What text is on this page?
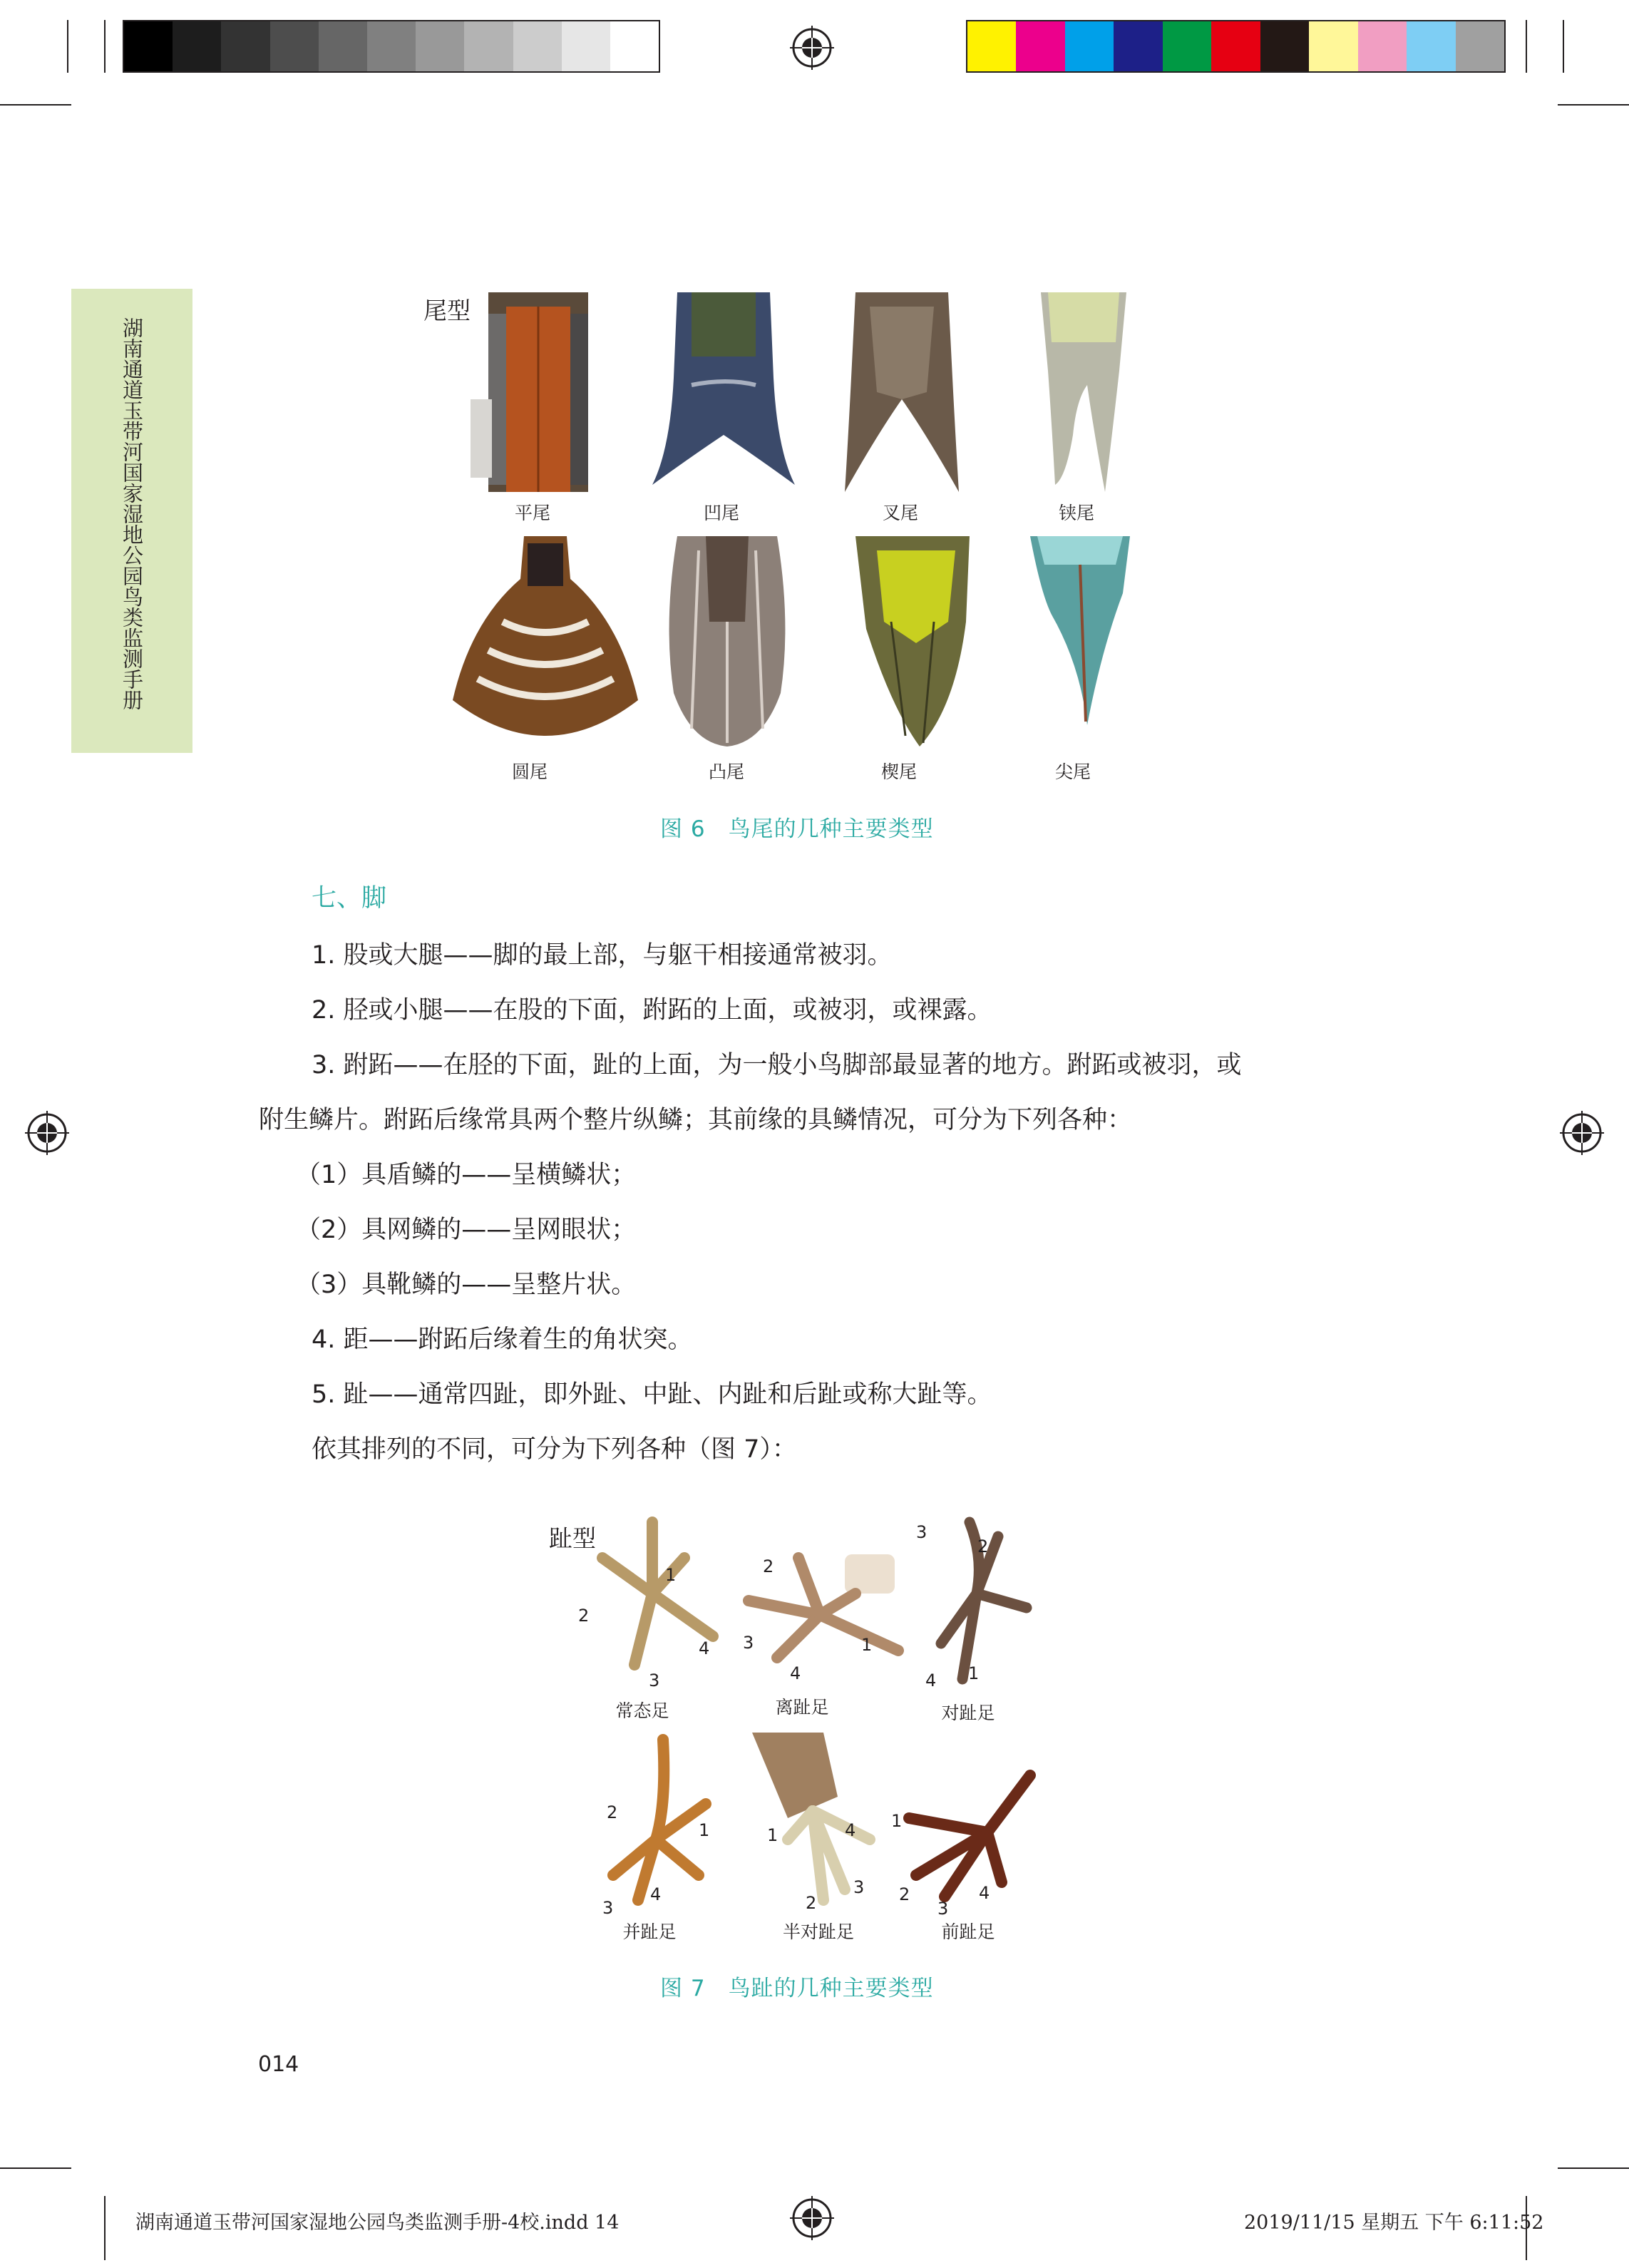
湖南通道玉带河国家湿地公园鸟类监测手册
尾型
平尾	凹尾	叉尾	铗尾
圆尾	凸尾	楔尾	尖尾
图 6　鸟尾的几种主要类型
七、脚
1. 股或大腿——脚的最上部，与躯干相接通常被羽。
2. 胫或小腿——在股的下面，跗跖的上面，或被羽，或裸露。
3. 跗跖——在胫的下面，趾的上面，为一般小鸟脚部最显著的地方。跗跖或被羽，或
附生鳞片。跗跖后缘常具两个整片纵鳞；其前缘的具鳞情况，可分为下列各种：
（1）具盾鳞的——呈横鳞状；
（2）具网鳞的——呈网眼状；
（3）具靴鳞的——呈整片状。
4. 距——跗跖后缘着生的角状突。
5. 趾——通常四趾，即外趾、中趾、内趾和后趾或称大趾等。
依其排列的不同，可分为下列各种（图 7）：
趾型
1
2
3
4
常态足
2
3
4
1
离趾足
3
2
4 1
对趾足
2
1
3
4
并趾足
1	4
2
3
半对趾足
1
2
3
4
前趾足
图 7　鸟趾的几种主要类型
014
湖南通道玉带河国家湿地公园鸟类监测手册-4校.indd 14	2019/11/15 星期五 下午 6:11:52
